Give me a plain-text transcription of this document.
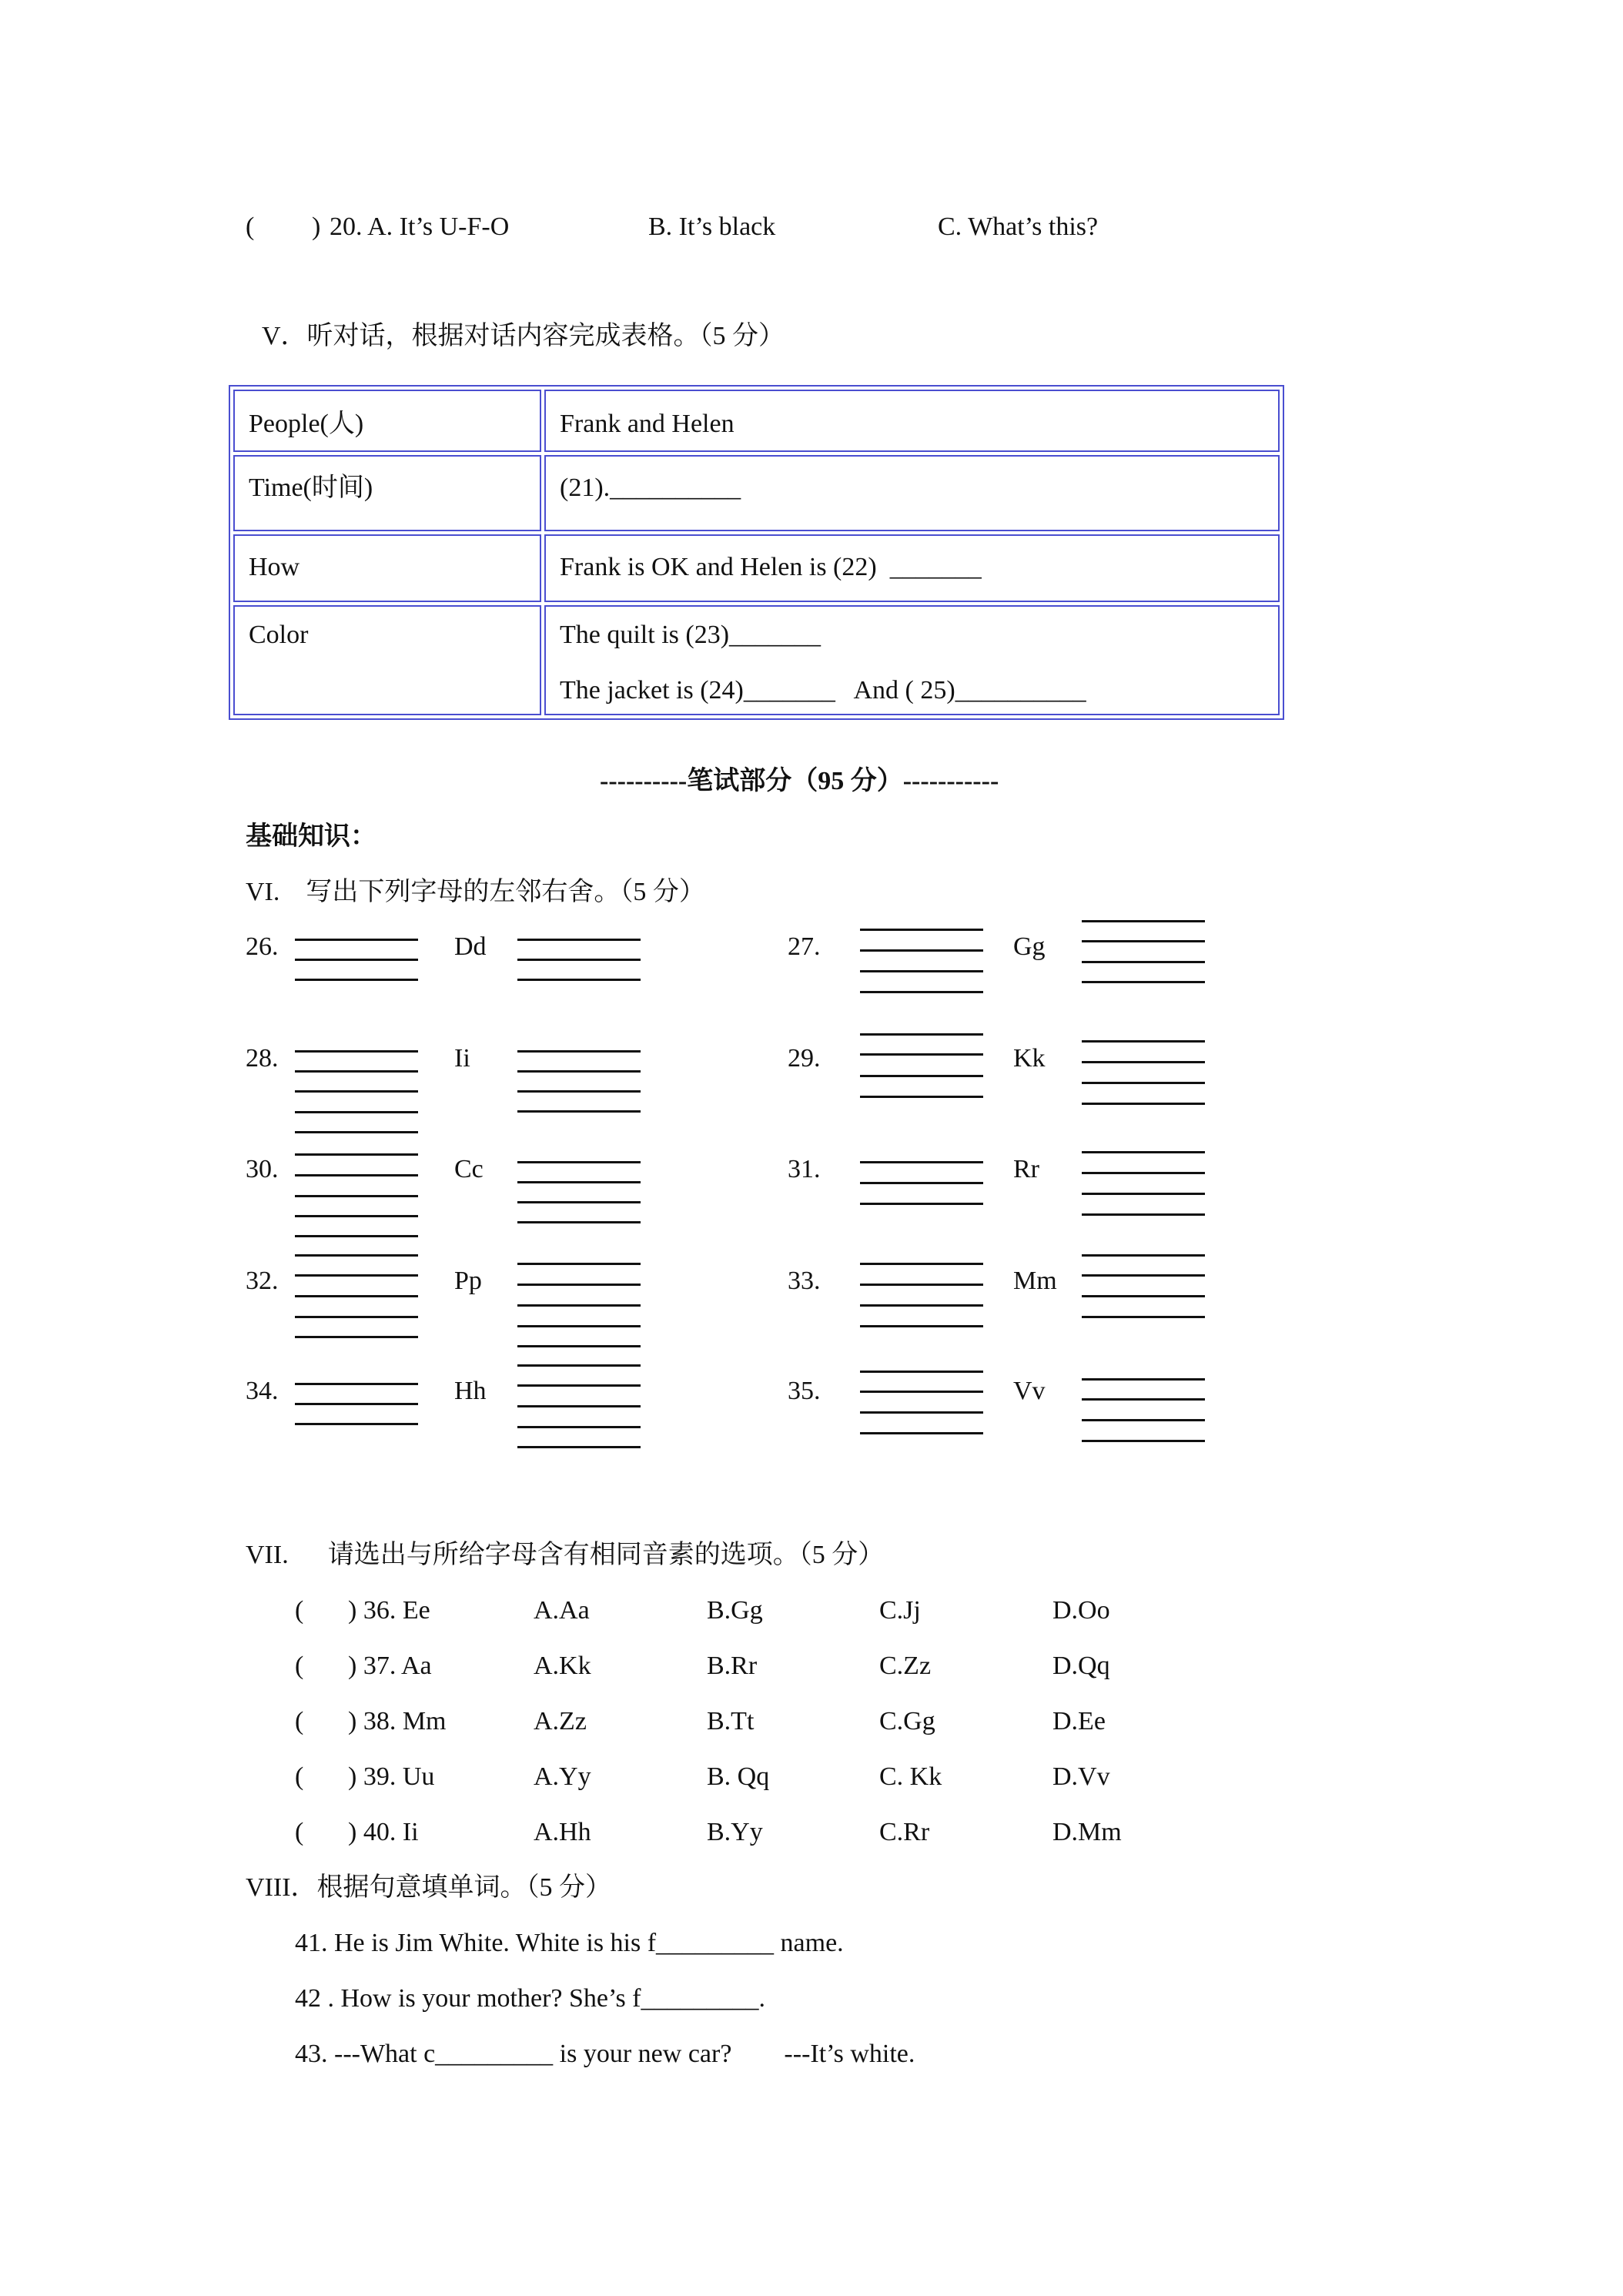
( ) 20. A. It’s U-F-O	B. It’s black	C. What’s this?
V．听对话，根据对话内容完成表格。（5 分）
People(人)	Frank and Helen
Time(时间)	(21).__________
How	Frank is OK and Helen is (22)  _______
Color	The quilt is (23)_______
The jacket is (24)_______   And ( 25)__________
----------笔试部分（95 分）-----------
基础知识：
VI.    写出下列字母的左邻右舍。（5 分）
26.	Dd	27.	Gg
28.	Ii	29.	Kk
30.	Cc	31.	Rr
32.	Pp	33.	Mm
34.	Hh	35.	Vv
VII.      请选出与所给字母含有相同音素的选项。（5 分）
( ) 36. Ee	A.Aa	B.Gg	C.Jj	D.Oo
( ) 37. Aa	A.Kk	B.Rr	C.Zz	D.Qq
( ) 38. Mm	A.Zz	B.Tt	C.Gg	D.Ee
( ) 39. Uu	A.Yy	B. Qq	C. Kk	D.Vv
( ) 40. Ii	A.Hh	B.Yy	C.Rr	D.Mm
VIII．根据句意填单词。（5 分）
41. He is Jim White. White is his f_________ name.
42 . How is your mother? She’s f_________.
43. ---What c_________ is your new car?        ---It’s white.
